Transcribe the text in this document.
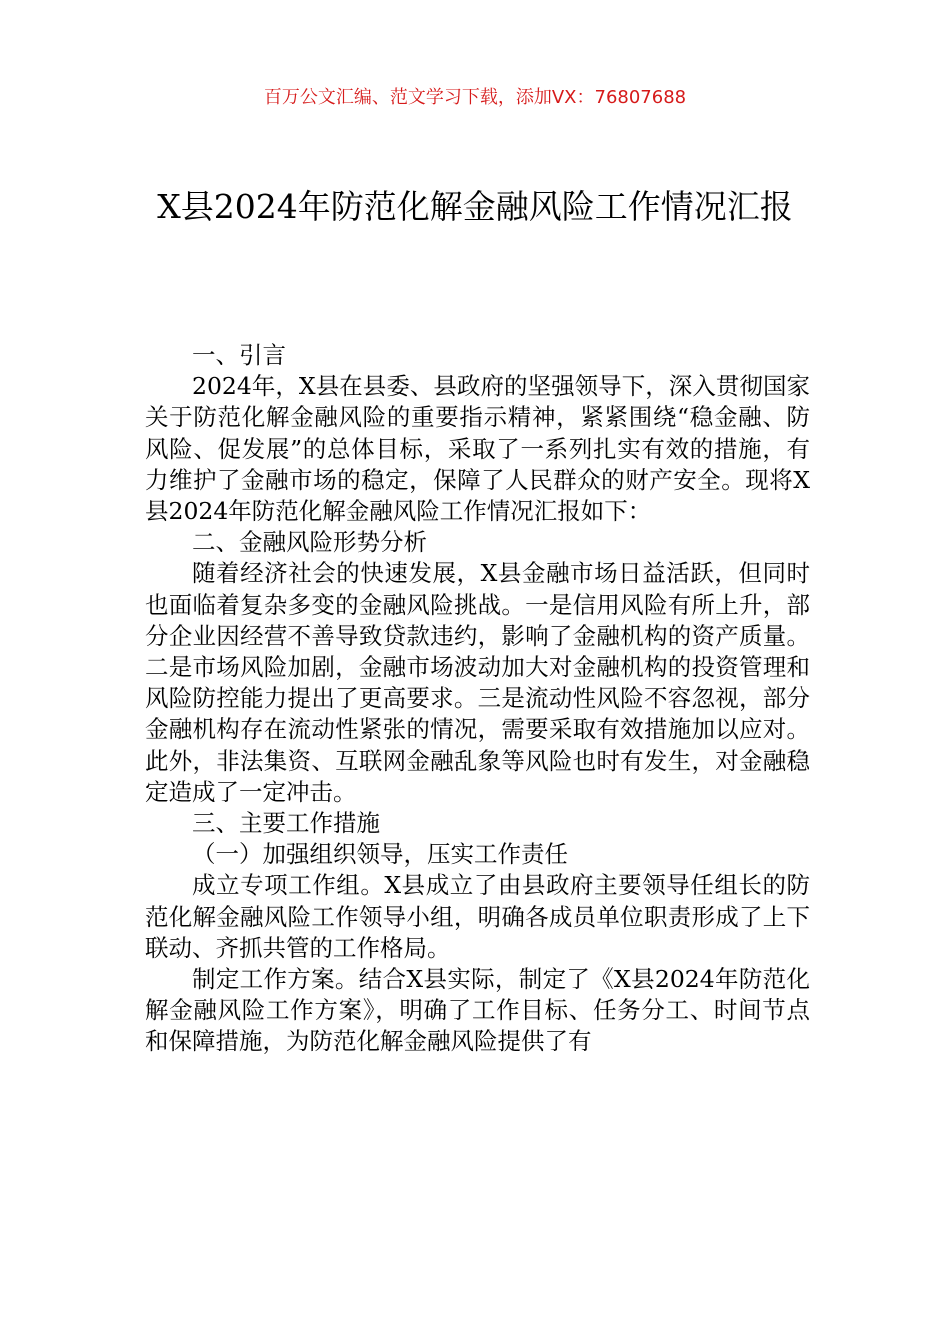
百万公文汇编、范文学习下载，添加VX：76807688
X县2024年防范化解金融风险工作情况汇报

一、引言

2024年，X县在县委、县政府的坚强领导下，深入贯彻国家关于防范化解金融风险的重要指示精神，紧紧围绕“稳金融、防风险、促发展”的总体目标，采取了一系列扎实有效的措施，有力维护了金融市场的稳定，保障了人民群众的财产安全。现将X县2024年防范化解金融风险工作情况汇报如下：

二、金融风险形势分析

随着经济社会的快速发展，X县金融市场日益活跃，但同时也面临着复杂多变的金融风险挑战。一是信用风险有所上升，部分企业因经营不善导致贷款违约，影响了金融机构的资产质量。二是市场风险加剧，金融市场波动加大对金融机构的投资管理和风险防控能力提出了更高要求。三是流动性风险不容忽视，部分金融机构存在流动性紧张的情况，需要采取有效措施加以应对。此外，非法集资、互联网金融乱象等风险也时有发生，对金融稳定造成了一定冲击。

三、主要工作措施

（一）加强组织领导，压实工作责任

成立专项工作组。X县成立了由县政府主要领导任组长的防范化解金融风险工作领导小组，明确各成员单位职责形成了上下联动、齐抓共管的工作格局。

制定工作方案。结合X县实际，制定了《X县2024年防范化解金融风险工作方案》，明确了工作目标、任务分工、时间节点和保障措施，为防范化解金融风险提供了有
